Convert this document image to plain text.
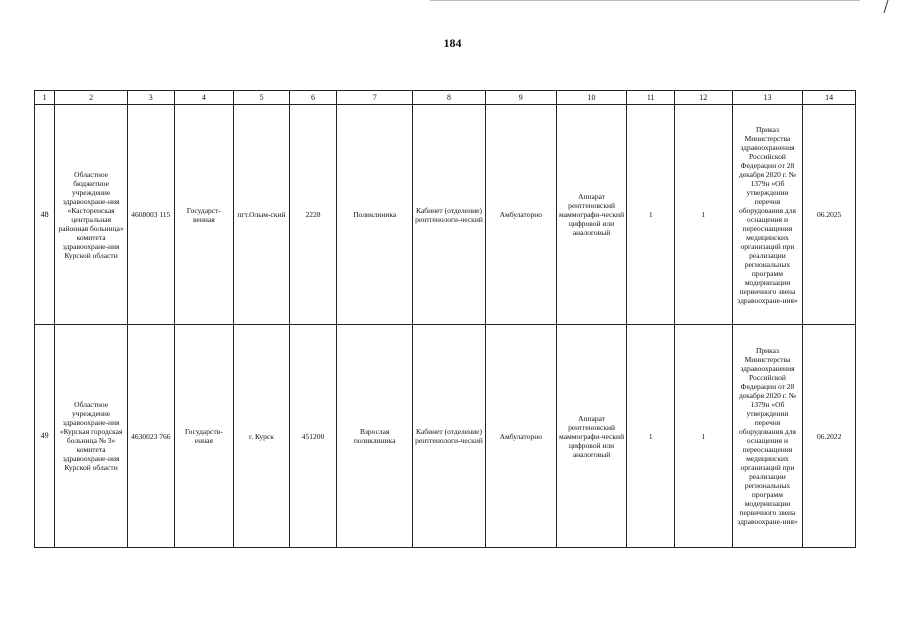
184
1	2	3	4	5	6	7	8	9	10	11	12	13	14
48	Областное бюджетное учреждение здравоохране-ния «Касторенская центральная районная больница» комитета здравоохране-ния Курской области	4608003 115	Государст-венная	пгт.Олым-ский	2228	Поликлиника	Кабинет (отделение) рентгенологи-ческий	Амбулаторно	Аппарат рентгеновский маммографи-ческий цифровой или аналоговый	1	1	Приказ Министерства здравоохранения Российской Федерации от 28 декабря 2020 г. № 1379н «Об утверждении перечня оборудования для оснащения и переоснащения медицинских организаций при реализации региональных программ модернизации первичного звена здравоохране-ния»	06.2025
49	Областное учреждение здравоохране-ния «Курская городская больница № 3» комитета здравоохране-ния Курской области	4630023 766	Государств-енная	г. Курск	451200	Взрослая поликлиника	Кабинет (отделение) рентгенологи-ческий	Амбулаторно	Аппарат рентгеновский маммографи-ческий цифровой или аналоговый	1	1	Приказ Министерства здравоохранения Российской Федерации от 28 декабря 2020 г. № 1379н «Об утверждении перечня оборудования для оснащения и переоснащения медицинских организаций при реализации региональных программ модернизации первичного звена здравоохране-ния»	06.2022
